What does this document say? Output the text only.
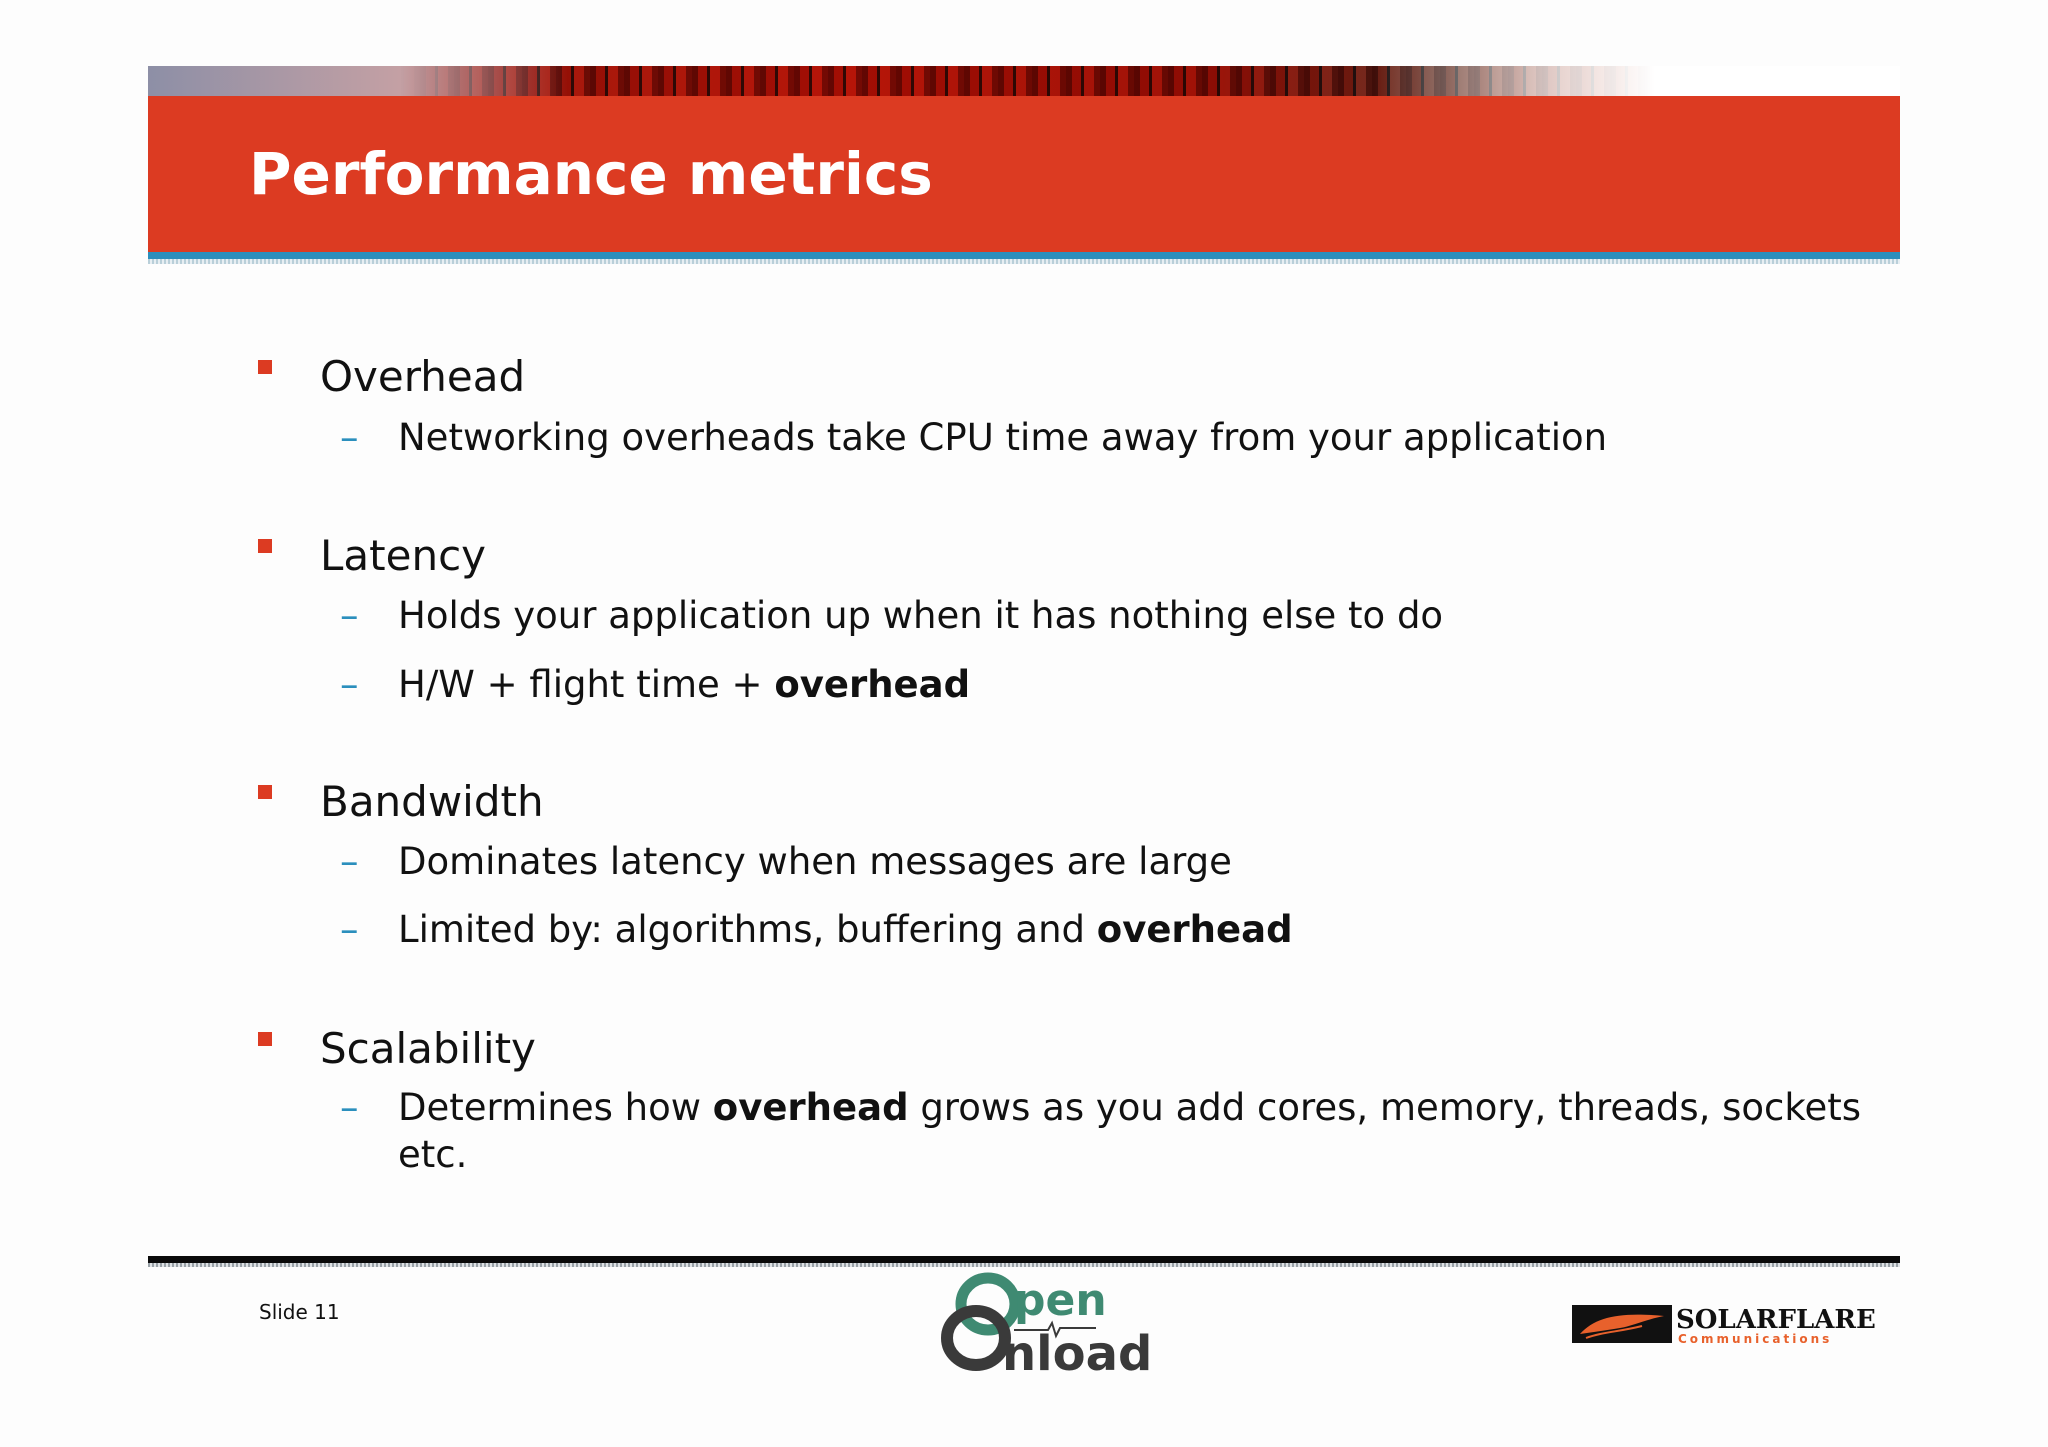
Performance metrics
Overhead
– Networking overheads take CPU time away from your application
Latency
– Holds your application up when it has nothing else to do
– H/W + flight time + overhead
Bandwidth
– Dominates latency when messages are large
– Limited by: algorithms, buffering and overhead
Scalability
– Determines how overhead grows as you add cores, memory, threads, sockets
etc.
Slide 11	pen
nload
SOLARFLARE
Communications
